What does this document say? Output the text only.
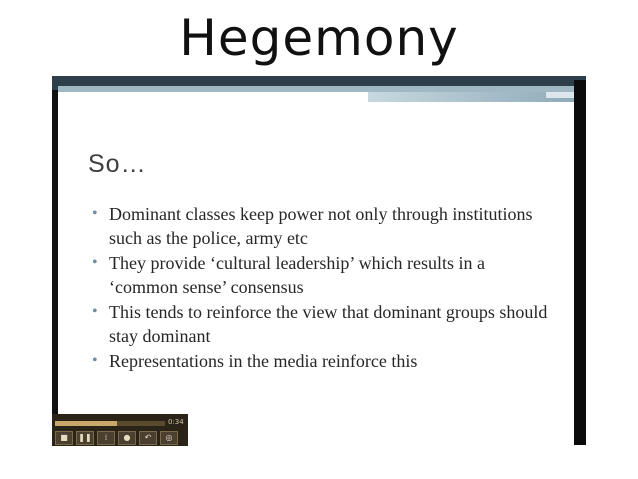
Hegemony
So…
• Dominant classes keep power not only through institutions such as the police, army etc
• They provide ‘cultural leadership’ which results in a ‘common sense’ consensus
• This tends to reinforce the view that dominant groups should stay dominant
• Representations in the media reinforce this
0:34
■	❚❚	⁞	●	↶	◎
